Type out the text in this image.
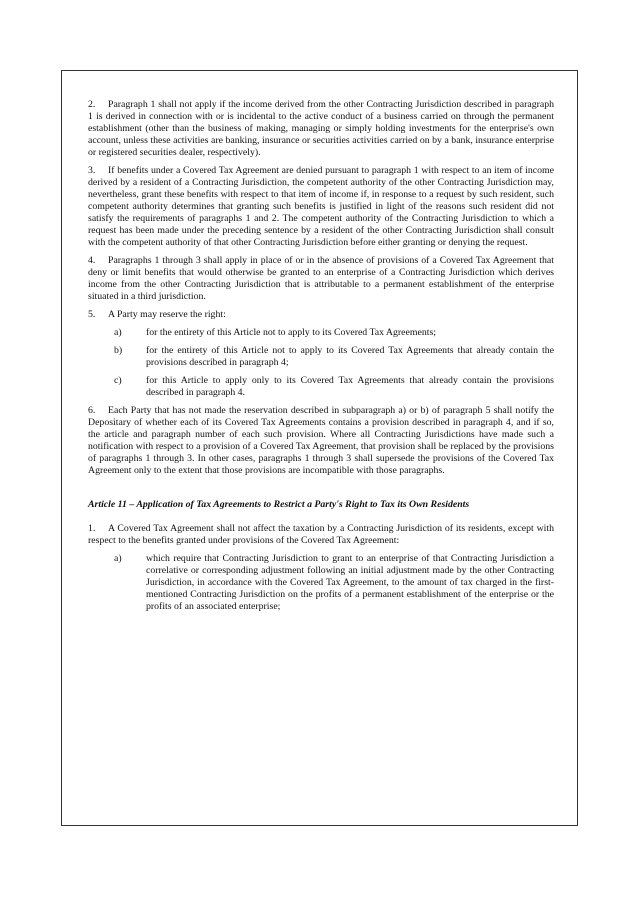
2. Paragraph 1 shall not apply if the income derived from the other Contracting Jurisdiction described in paragraph 1 is derived in connection with or is incidental to the active conduct of a business carried on through the permanent establishment (other than the business of making, managing or simply holding investments for the enterprise's own account, unless these activities are banking, insurance or securities activities carried on by a bank, insurance enterprise or registered securities dealer, respectively).

3. If benefits under a Covered Tax Agreement are denied pursuant to paragraph 1 with respect to an item of income derived by a resident of a Contracting Jurisdiction, the competent authority of the other Contracting Jurisdiction may, nevertheless, grant these benefits with respect to that item of income if, in response to a request by such resident, such competent authority determines that granting such benefits is justified in light of the reasons such resident did not satisfy the requirements of paragraphs 1 and 2. The competent authority of the Contracting Jurisdiction to which a request has been made under the preceding sentence by a resident of the other Contracting Jurisdiction shall consult with the competent authority of that other Contracting Jurisdiction before either granting or denying the request.

4. Paragraphs 1 through 3 shall apply in place of or in the absence of provisions of a Covered Tax Agreement that deny or limit benefits that would otherwise be granted to an enterprise of a Contracting Jurisdiction which derives income from the other Contracting Jurisdiction that is attributable to a permanent establishment of the enterprise situated in a third jurisdiction.

5. A Party may reserve the right:

a)	for the entirety of this Article not to apply to its Covered Tax Agreements;
b)	for the entirety of this Article not to apply to its Covered Tax Agreements that already contain the provisions described in paragraph 4;
c)	for this Article to apply only to its Covered Tax Agreements that already contain the provisions described in paragraph 4.

6. Each Party that has not made the reservation described in subparagraph a) or b) of paragraph 5 shall notify the Depositary of whether each of its Covered Tax Agreements contains a provision described in paragraph 4, and if so, the article and paragraph number of each such provision. Where all Contracting Jurisdictions have made such a notification with respect to a provision of a Covered Tax Agreement, that provision shall be replaced by the provisions of paragraphs 1 through 3. In other cases, paragraphs 1 through 3 shall supersede the provisions of the Covered Tax Agreement only to the extent that those provisions are incompatible with those paragraphs.

Article 11 – Application of Tax Agreements to Restrict a Party's Right to Tax its Own Residents

1. A Covered Tax Agreement shall not affect the taxation by a Contracting Jurisdiction of its residents, except with respect to the benefits granted under provisions of the Covered Tax Agreement:

a)	which require that Contracting Jurisdiction to grant to an enterprise of that Contracting Jurisdiction a correlative or corresponding adjustment following an initial adjustment made by the other Contracting Jurisdiction, in accordance with the Covered Tax Agreement, to the amount of tax charged in the first-mentioned Contracting Jurisdiction on the profits of a permanent establishment of the enterprise or the profits of an associated enterprise;
